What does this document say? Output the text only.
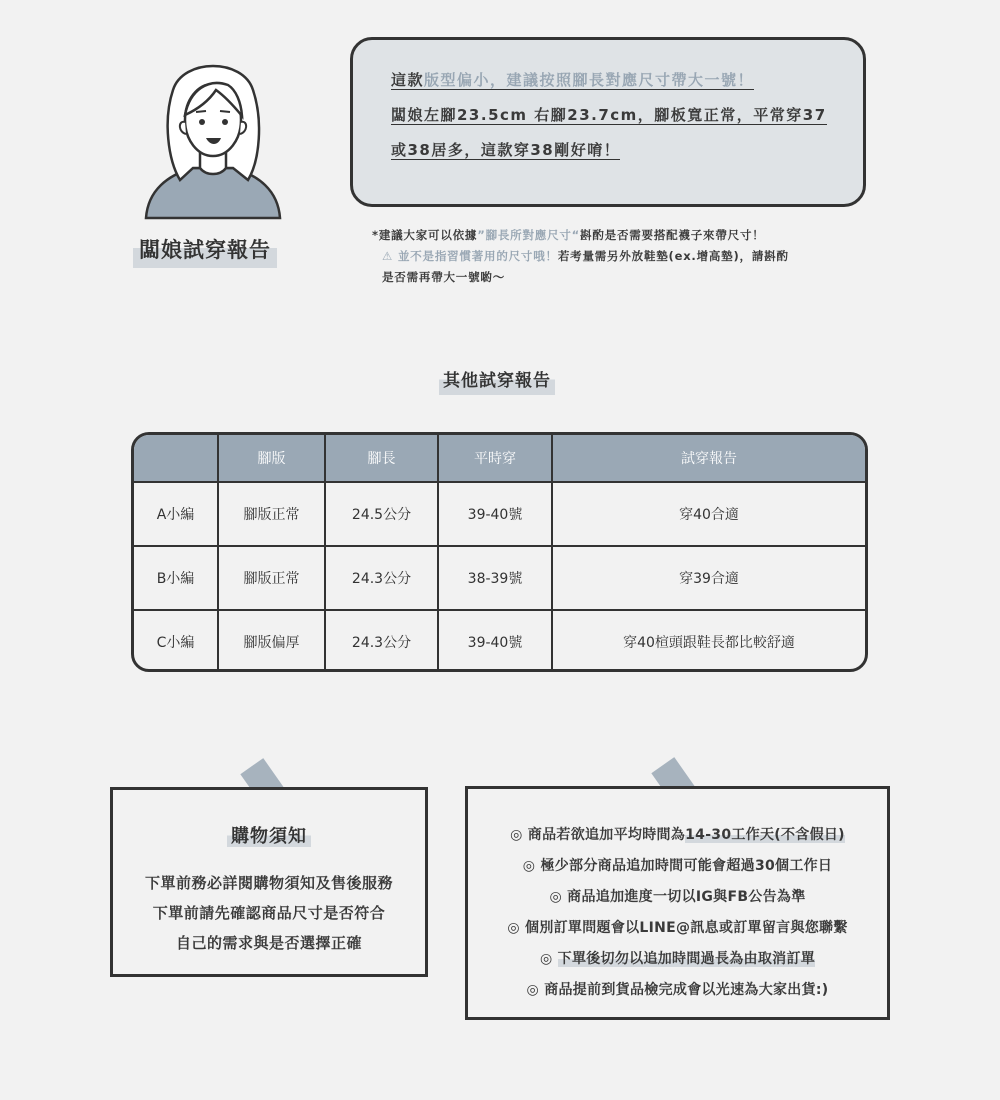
闆娘試穿報告
這款版型偏小，建議按照腳長對應尺寸帶大一號！
闆娘左腳23.5cm 右腳23.7cm，腳板寬正常，平常穿37
或38居多，這款穿38剛好唷！
*建議大家可以依據”腳長所對應尺寸“斟酌是否需要搭配襪子來帶尺寸！
⚠ 並不是指習慣著用的尺寸哦！若考量需另外放鞋墊(ex.增高墊)，請斟酌
是否需再帶大一號喲～
其他試穿報告
	腳版	腳長	平時穿	試穿報告
A小編	腳版正常	24.5公分	39-40號	穿40合適
B小編	腳版正常	24.3公分	38-39號	穿39合適
C小編	腳版偏厚	24.3公分	39-40號	穿40楦頭跟鞋長都比較舒適
購物須知
下單前務必詳閱購物須知及售後服務
下單前請先確認商品尺寸是否符合
自己的需求與是否選擇正確
◎ 商品若欲追加平均時間為14-30工作天(不含假日)
◎ 極少部分商品追加時間可能會超過30個工作日
◎ 商品追加進度一切以IG與FB公告為準
◎ 個別訂單問題會以LINE@訊息或訂單留言與您聯繫
◎ 下單後切勿以追加時間過長為由取消訂單
◎ 商品提前到貨品檢完成會以光速為大家出貨:)
